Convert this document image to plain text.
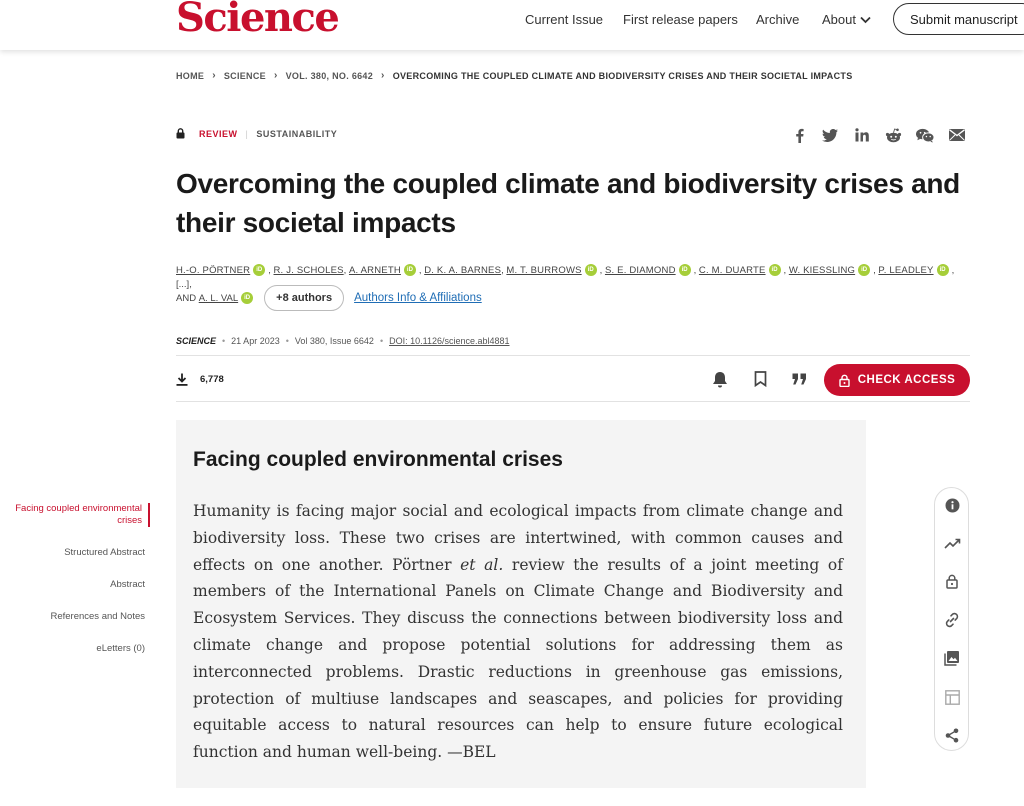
Science	Current Issue First release papers Archive About	Submit manuscript
HOME › SCIENCE › VOL. 380, NO. 6642 › OVERCOMING THE COUPLED CLIMATE AND BIODIVERSITY CRISES AND THEIR SOCIETAL IMPACTS
REVIEW | SUSTAINABILITY
Overcoming the coupled climate and biodiversity crises and their societal impacts
H.-O. PÖRTNER iD , R. J. SCHOLES, A. ARNETH iD , D. K. A. BARNES, M. T. BURROWS iD , S. E. DIAMOND iD , C. M. DUARTE iD , W. KIESSLING iD , P. LEADLEY iD , [...],
AND
A. L. VAL	iD	+8 authors	Authors Info & Affiliations
SCIENCE • 21 Apr 2023 • Vol 380, Issue 6642 • DOI: 10.1126/science.abl4881
6,778	CHECK ACCESS
Facing coupled environmental crises
Structured Abstract
Abstract
References and Notes
eLetters (0)
Facing coupled environmental crises

Humanity is facing major social and ecological impacts from climate change and biodiversity loss. These two crises are intertwined, with common causes and effects on one another. Pörtner et al. review the results of a joint meeting of members of the International Panels on Climate Change and Biodiversity and Ecosystem Services. They discuss the connections between biodiversity loss and climate change and propose potential solutions for addressing them as interconnected problems. Drastic reductions in greenhouse gas emissions, protection of multiuse landscapes and seascapes, and policies for providing equitable access to natural resources can help to ensure future ecological function and human well-being. —BEL
